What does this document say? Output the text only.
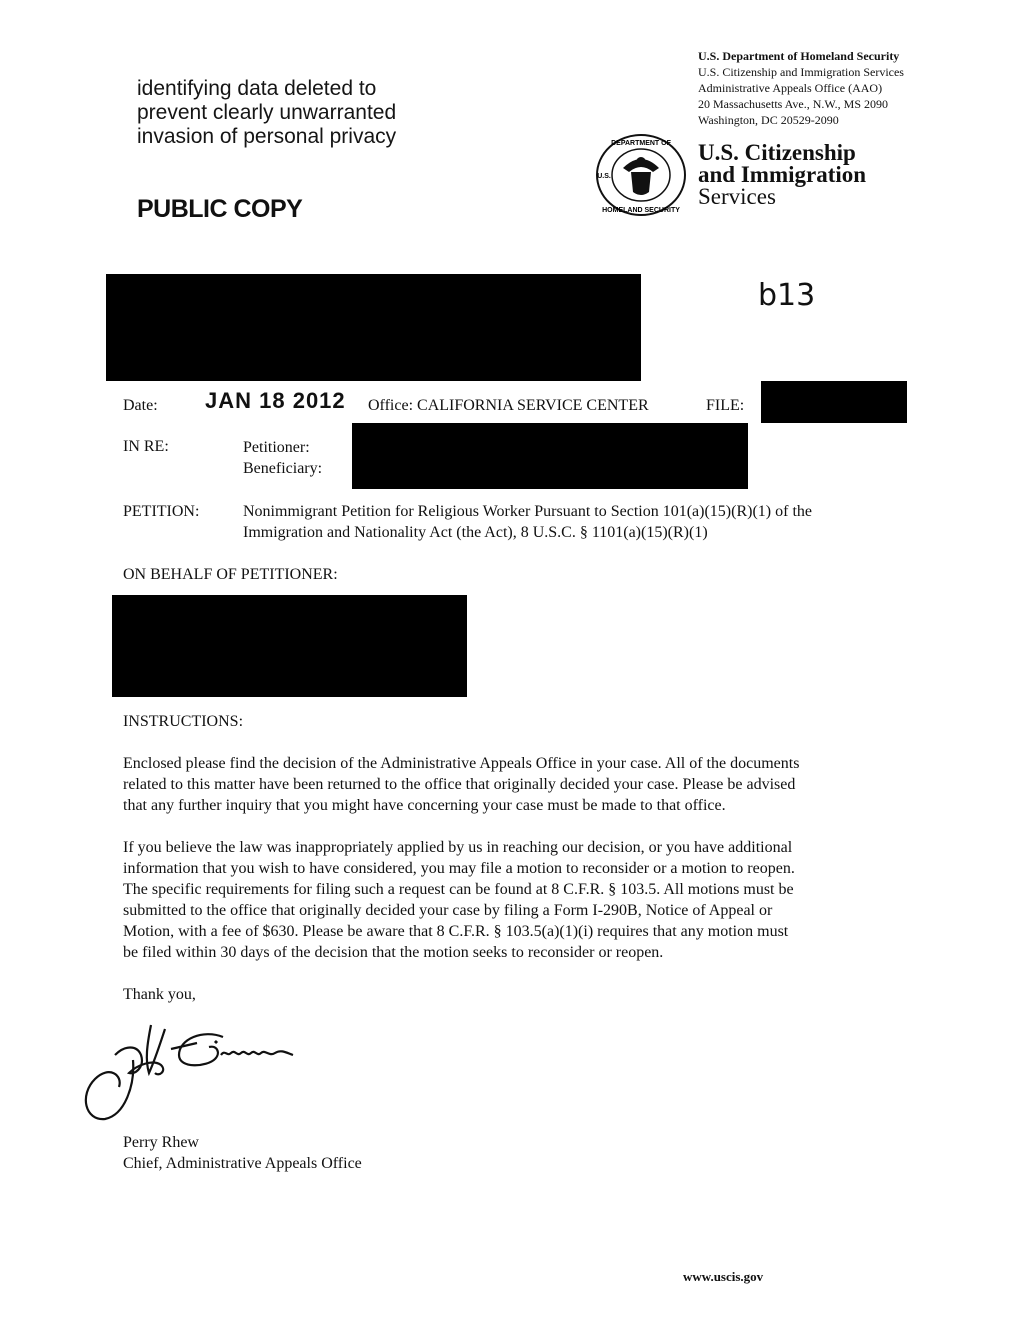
identifying data deleted to
prevent clearly unwarranted
invasion of personal privacy
PUBLIC COPY
U.S. Department of Homeland Security
U.S. Citizenship and Immigration Services
Administrative Appeals Office (AAO)
20 Massachusetts Ave., N.W., MS 2090
Washington, DC 20529-2090
DEPARTMENT OF
HOMELAND SECURITY
U.S.
U.S. Citizenship
and Immigration
Services
b13
Date: JAN 18 2012 Office: CALIFORNIA SERVICE CENTER	FILE:
IN RE:	Petitioner:
Beneficiary:
PETITION:	Nonimmigrant Petition for Religious Worker Pursuant to Section 101(a)(15)(R)(1) of the
Immigration and Nationality Act (the Act), 8 U.S.C. § 1101(a)(15)(R)(1)
ON BEHALF OF PETITIONER:
INSTRUCTIONS:
Enclosed please find the decision of the Administrative Appeals Office in your case. All of the documents
related to this matter have been returned to the office that originally decided your case. Please be advised
that any further inquiry that you might have concerning your case must be made to that office.
If you believe the law was inappropriately applied by us in reaching our decision, or you have additional
information that you wish to have considered, you may file a motion to reconsider or a motion to reopen.
The specific requirements for filing such a request can be found at 8 C.F.R. § 103.5. All motions must be
submitted to the office that originally decided your case by filing a Form I-290B, Notice of Appeal or
Motion, with a fee of $630. Please be aware that 8 C.F.R. § 103.5(a)(1)(i) requires that any motion must
be filed within 30 days of the decision that the motion seeks to reconsider or reopen.
Thank you,
Perry Rhew
Chief, Administrative Appeals Office
www.uscis.gov
